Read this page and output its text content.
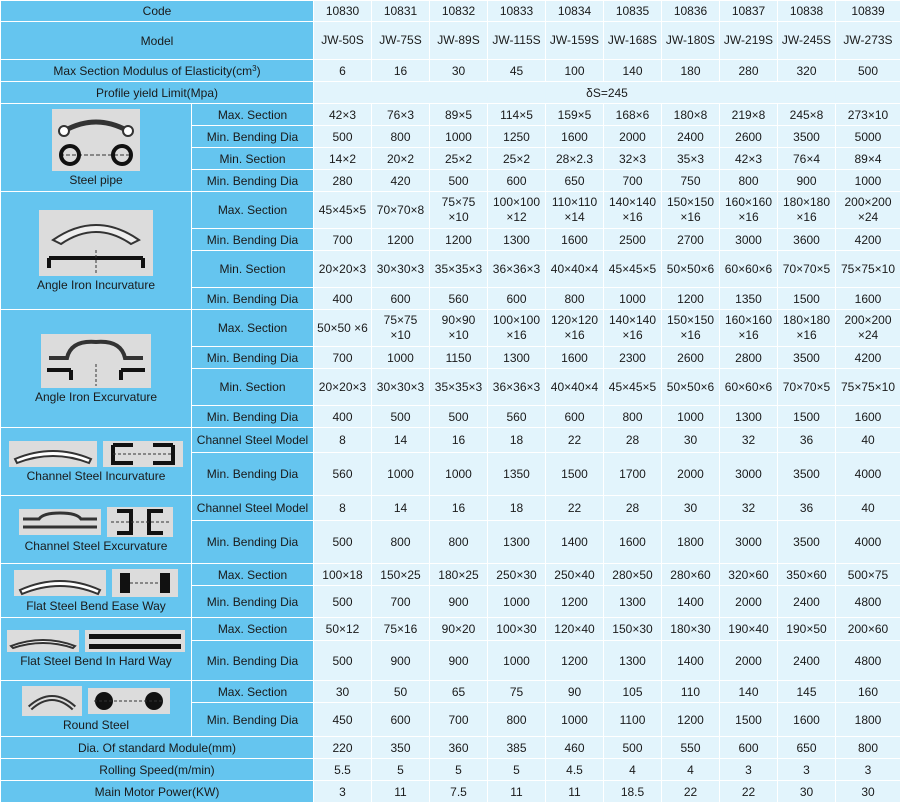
Code		10830	10831	10832	10833	10834	10835	10836	10837	10838	10839
Model		JW-50S	JW-75S	JW-89S	JW-115S	JW-159S	JW-168S	JW-180S	JW-219S	JW-245S	JW-273S
Max Section Modulus of $Elasticity(cm^3)$		6	16	30	45	100	140	180	280	320	500
Profile yield Limit(Mpa)		δS=245									

Steel pipe	Max. Section	42×3	76×3	89×5	114×5	159×5	168×6	180×8	219×8	245×8	273×10
	Min. Bending Dia	500	800	1000	1250	1600	2000	2400	2600	3500	5000
	Min. Section	14×2	20×2	25×2	25×2	28×2.3	32×3	35×3	42×3	76×4	89×4
	Min. Bending Dia	280	420	500	600	650	700	750	800	900	1000

Angle Iron Incurvature	Max. Section	45×45×5	70×70×8	75×75 ×10	100×100 ×12	110×110 ×14	140×140 ×16	150×150 ×16	160×160 ×16	180×180 ×16	200×200 ×24
	Min. Bending Dia	700	1200	1200	1300	1600	2500	2700	3000	3600	4200
	Min. Section	20×20×3	30×30×3	35×35×3	36×36×3	40×40×4	45×45×5	50×50×6	60×60×6	70×70×5	75×75×10
	Min. Bending Dia	400	600	560	600	800	1000	1200	1350	1500	1600

Angle Iron Excurvature	Max. Section	50×50 ×6	75×75 ×10	90×90 ×10	100×100 ×16	120×120 ×16	140×140 ×16	150×150 ×16	160×160 ×16	180×180 ×16	200×200 ×24
	Min. Bending Dia	700	1000	1150	1300	1600	2300	2600	2800	3500	4200
	Min. Section	20×20×3	30×30×3	35×35×3	36×36×3	40×40×4	45×45×5	50×50×6	60×60×6	70×70×5	75×75×10
	Min. Bending Dia	400	500	500	560	600	800	1000	1300	1500	1600

Channel Steel Incurvature	Channel Steel Model	8	14	16	18	22	28	30	32	36	40
	Min. Bending Dia	560	1000	1000	1350	1500	1700	2000	3000	3500	4000

Channel Steel Excurvature	Channel Steel Model	8	14	16	18	22	28	30	32	36	40
	Min. Bending Dia	500	800	800	1300	1400	1600	1800	3000	3500	4000

Flat Steel Bend Ease Way	Max. Section	100×18	150×25	180×25	250×30	250×40	280×50	280×60	320×60	350×60	500×75
	Min. Bending Dia	500	700	900	1000	1200	1300	1400	2000	2400	4800

Flat Steel Bend In Hard Way	Max. Section	50×12	75×16	90×20	100×30	120×40	150×30	180×30	190×40	190×50	200×60
	Min. Bending Dia	500	900	900	1000	1200	1300	1400	2000	2400	4800

Round Steel	Max. Section	30	50	65	75	90	105	110	140	145	160
	Min. Bending Dia	450	600	700	800	1000	1100	1200	1500	1600	1800
Dia. Of standard Module(mm)		220	350	360	385	460	500	550	600	650	800
Rolling Speed(m/min)		5.5	5	5	5	4.5	4	4	3	3	3
Main Motor Power(KW)		3	11	7.5	11	11	18.5	22	22	30	30
